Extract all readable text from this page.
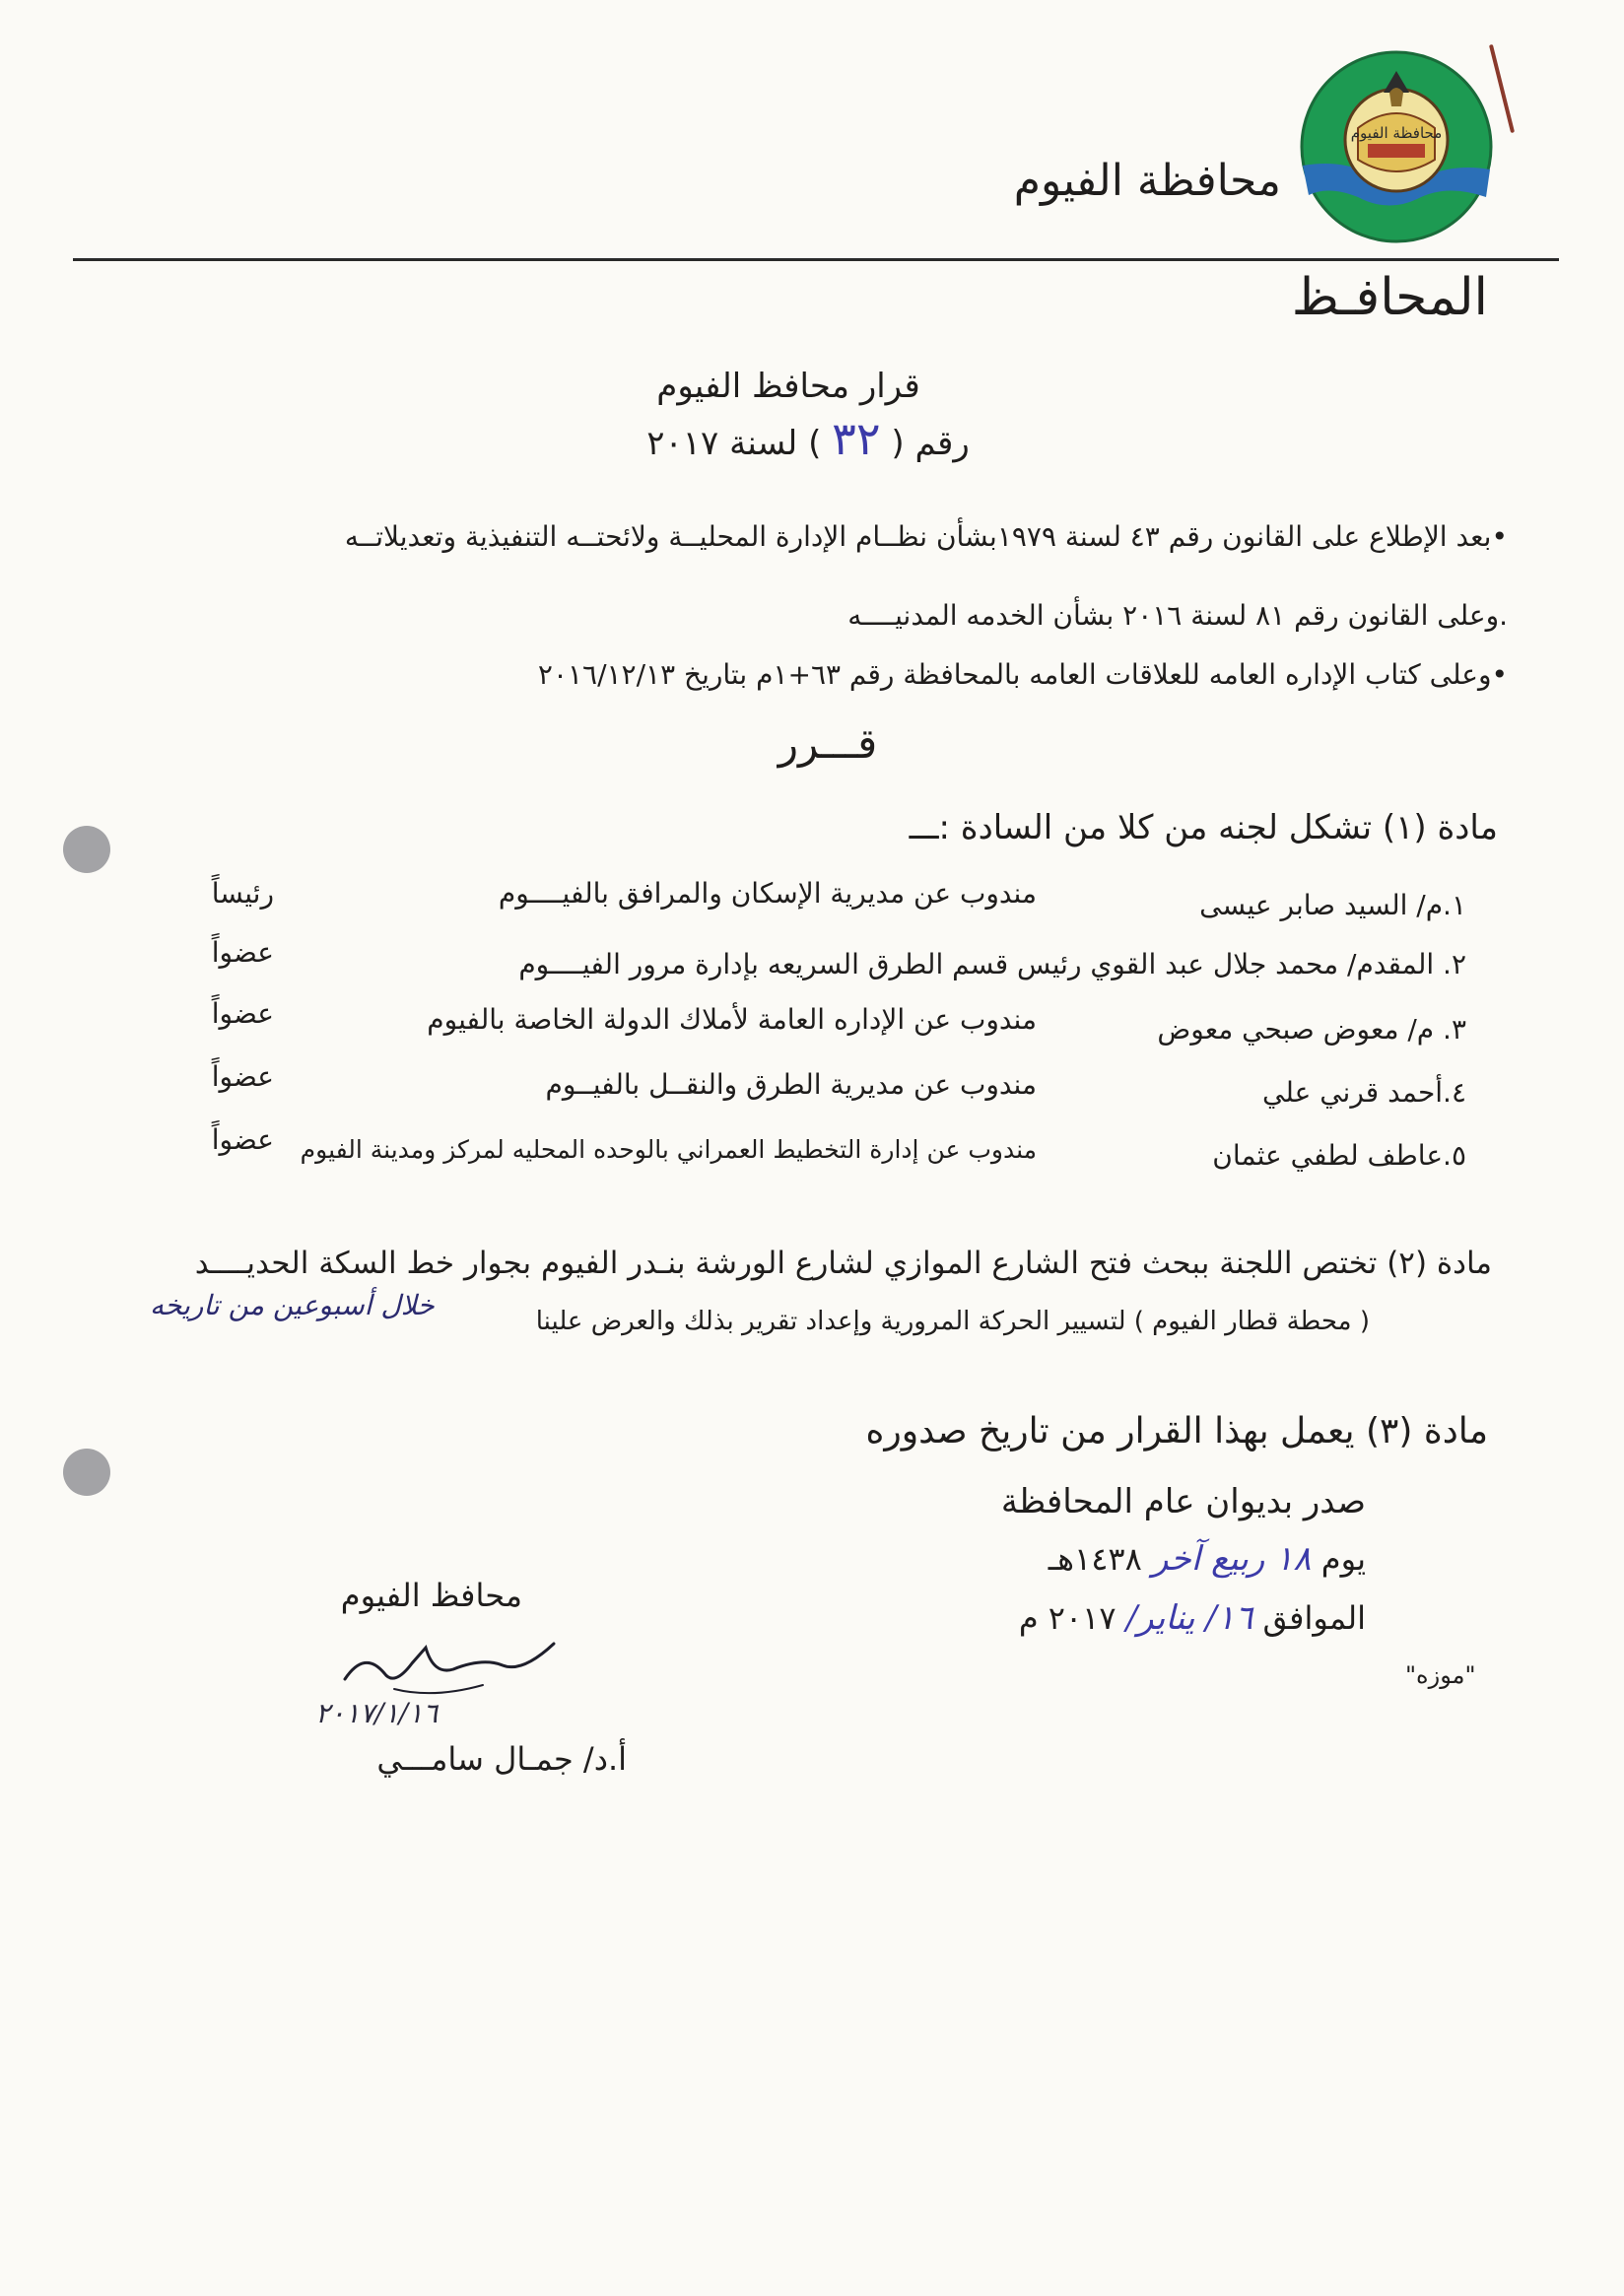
محافظة الفيوم
محافظة الفيوم
المحافـظ
قرار محافظ الفيوم
رقم ( ٣٢ ) لسنة ٢٠١٧
•بعد الإطلاع على القانون رقم ٤٣ لسنة ١٩٧٩بشأن نظــام الإدارة المحليــة ولائحتــه التنفيذية وتعديلاتــه
.وعلى القانون رقم ٨١ لسنة ٢٠١٦ بشأن الخدمه المدنيــــه
•وعلى كتاب الإداره العامه للعلاقات العامه بالمحافظة رقم ٦٣+١م بتاريخ ٢٠١٦/١٢/١٣
قـــرر
مادة (١) تشكل لجنه من كلا من السادة :ـــ
١.م/ السيد صابر عيسى
مندوب عن مديرية الإسكان والمرافق بالفيــــوم
رئيساً
٢. المقدم/ محمد جلال عبد القوي رئيس قسم الطرق السريعه بإدارة مرور الفيــــوم
عضواً
٣. م/ معوض صبحي معوض
مندوب عن الإداره العامة لأملاك الدولة الخاصة بالفيوم
عضواً
٤.أحمد قرني علي
مندوب عن مديرية الطرق والنقــل بالفيــوم
عضواً
٥.عاطف لطفي عثمان
مندوب عن إدارة التخطيط العمراني بالوحده المحليه لمركز ومدينة الفيوم
عضواً
مادة (٢) تختص اللجنة ببحث فتح الشارع الموازي لشارع الورشة بنـدر الفيوم بجوار خط السكة الحديــــد
( محطة قطار الفيوم ) لتسيير الحركة المرورية وإعداد تقرير بذلك والعرض علينا
خلال أسبوعين من تاريخه
مادة (٣) يعمل بهذا القرار من تاريخ صدوره
صدر بديوان عام المحافظة
يوم ١٨ ربيع آخر ١٤٣٨هـ
الموافق ١٦/ يناير/ ٢٠١٧ م
"موزه"
محافظ الفيوم
٢٠١٧/١/١٦
أ.د/ جمـال سامـــي
